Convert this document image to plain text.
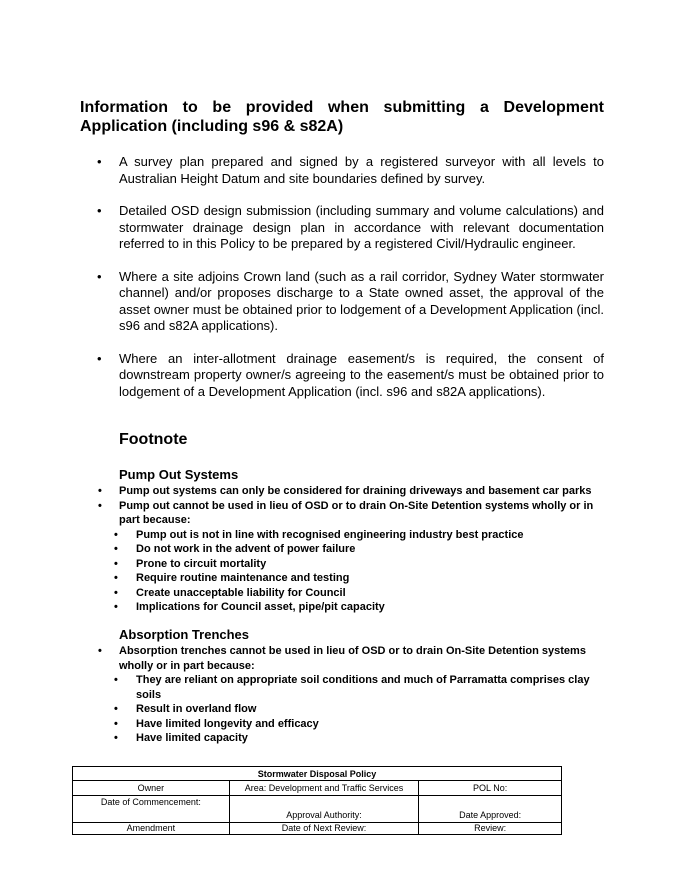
Information to be provided when submitting a Development
Application (including s96 & s82A)
• A survey plan prepared and signed by a registered surveyor with all levels to Australian Height Datum and site boundaries defined by survey.
• Detailed OSD design submission (including summary and volume calculations) and stormwater drainage design plan in accordance with relevant documentation referred to in this Policy to be prepared by a registered Civil/Hydraulic engineer.
• Where a site adjoins Crown land (such as a rail corridor, Sydney Water stormwater channel) and/or proposes discharge to a State owned asset, the approval of the asset owner must be obtained prior to lodgement of a Development Application (incl. s96 and s82A applications).
• Where an inter-allotment drainage easement/s is required, the consent of downstream property owner/s agreeing to the easement/s must be obtained prior to lodgement of a Development Application (incl. s96 and s82A applications).
Footnote
Pump Out Systems
• Pump out systems can only be considered for draining driveways and basement car parks
• Pump out cannot be used in lieu of OSD or to drain On-Site Detention systems wholly or in part because:
• Pump out is not in line with recognised engineering industry best practice
• Do not work in the advent of power failure
• Prone to circuit mortality
• Require routine maintenance and testing
• Create unacceptable liability for Council
• Implications for Council asset, pipe/pit capacity
Absorption Trenches
• Absorption trenches cannot be used in lieu of OSD or to drain On-Site Detention systems wholly or in part because:
• They are reliant on appropriate soil conditions and much of Parramatta comprises clay soils
• Result in overland flow
• Have limited longevity and efficacy
• Have limited capacity
Stormwater Disposal Policy		
Owner	Area: Development and Traffic Services	POL No:
Date of Commencement:	Approval Authority:	Date Approved:
Amendment	Date of Next Review:	Review:
